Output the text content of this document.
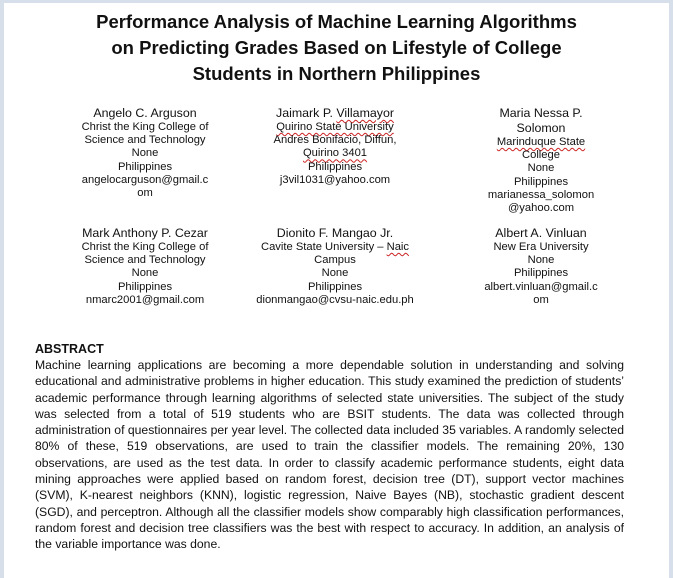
Performance Analysis of Machine Learning Algorithms
on Predicting Grades Based on Lifestyle of College
Students in Northern Philippines
Angelo C. Arguson
Christ the King College of
Science and Technology
None
Philippines
angelocarguson@gmail.c
om
Jaimark P. Villamayor
Quirino State University
Andres Bonifacio, Diffun,
Quirino 3401
Philippines
j3vil1031@yahoo.com
Maria Nessa P.
Solomon
Marinduque State
College
None
Philippines
marianessa_solomon
@yahoo.com
Mark Anthony P. Cezar
Christ the King College of
Science and Technology
None
Philippines
nmarc2001@gmail.com
Dionito F. Mangao Jr.
Cavite State University – Naic
Campus
None
Philippines
dionmangao@cvsu-naic.edu.ph
Albert A. Vinluan
New Era University
None
Philippines
albert.vinluan@gmail.c
om
ABSTRACT

Machine learning applications are becoming a more dependable solution in understanding and solving educational and administrative problems in higher education. This study examined the prediction of students’ academic performance through learning algorithms of selected state universities. The subject of the study was selected from a total of 519 students who are BSIT students. The data was collected through administration of questionnaires per year level. The collected data included 35 variables. A randomly selected 80% of these, 519 observations, are used to train the classifier models. The remaining 20%, 130 observations, are used as the test data. In order to classify academic performance students, eight data mining approaches were applied based on random forest, decision tree (DT), support vector machines (SVM), K-nearest neighbors (KNN), logistic regression, Naive Bayes (NB), stochastic gradient descent (SGD), and perceptron. Although all the classifier models show comparably high classification performances, random forest and decision tree classifiers was the best with respect to accuracy. In addition, an analysis of the variable importance was done.
